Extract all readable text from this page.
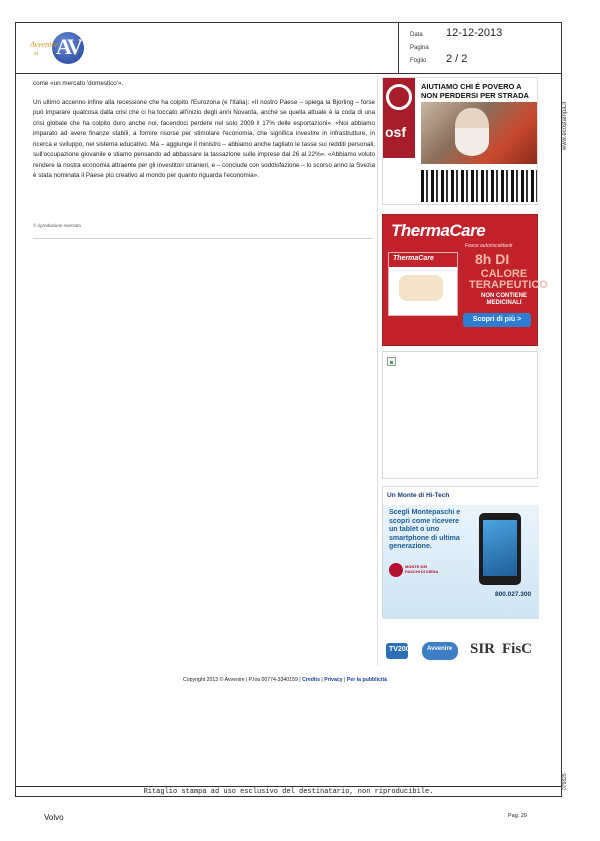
AV
Avvenire
si
Data 12-12-2013
Pagina
Foglio 2 / 2
www.ecostampa.it
079825

come «un mercato 'domestico'».

Un ultimo accenno infine alla recessione che ha colpito l'Eurozona (e l'Italia): «Il nostro Paese – spiega la Bjorling – forse può imparare qualcosa dalla crisi che ci ha toccato all'inizio degli anni Novanta, anche se quella attuale è la coda di una crisi globale che ha colpito duro anche noi, facendoci perdere nel solo 2009 il 17% delle esportazioni». «Noi abbiamo imparato ad avere finanze stabili, a fornire risorse per stimolare l'economia, che significa investire in infrastrutture, in ricerca e sviluppo, nel sistema educativo. Ma – aggiunge il ministro – abbiamo anche tagliato le tasse sui redditi personali, sull'occupazione giovanile e stiamo pensando ad abbassare la tassazione sulle imprese dal 26 al 22%». «Abbiamo voluto rendere la nostra economia attraente per gli investitori stranieri, e – conclude con soddisfazione – lo scorso anno la Svezia è stata nominata il Paese più creativo al mondo per quanto riguarda l'economia».

© riproduzione riservata
osf
AIUTIAMO CHI È POVERO A NON PERDERSI PER STRADA
ThermaCare
Fasce autoriscaldanti
ThermaCare	8h DI
CALORE TERAPEUTICO
NON CONTIENE MEDICINALI
Scopri di più >
Un Monte di Hi-Tech
Scegli Montepaschi e scopri come ricevere un tablet o uno smartphone di ultima generazione.
MONTE DEI PASCHI DI SIENA
800.027.300
TV2000 Avvenire SIR FisC
Copyright 2013 © Avvenire | P.Iva 00774-3340159 | Credits | Privacy | Per la pubblicità
Ritaglio stampa ad uso esclusivo del destinatario, non riproducibile.
Volvo	Pag. 29
